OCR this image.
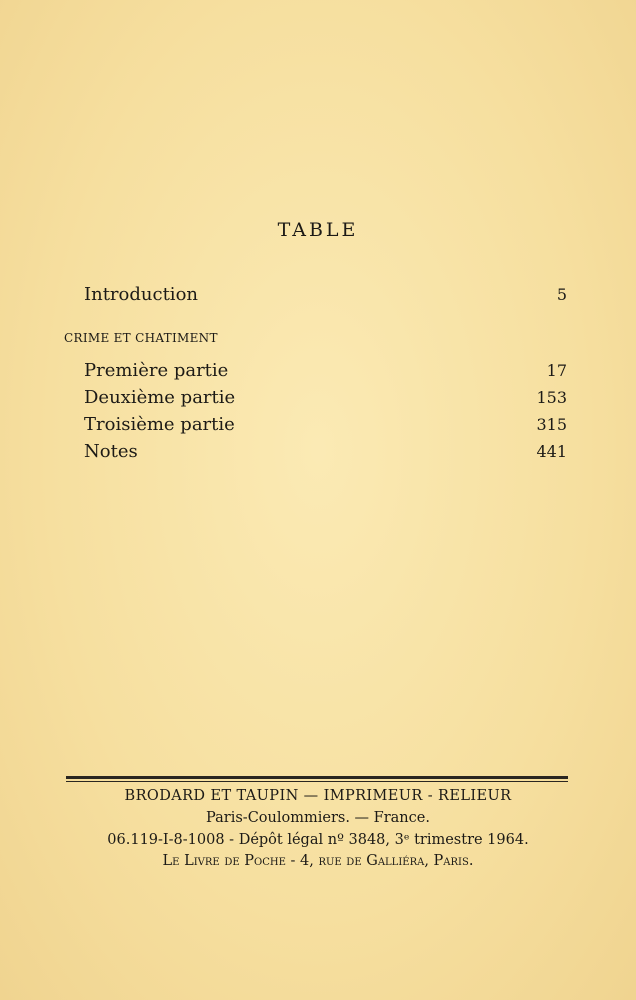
TABLE
Introduction	5
CRIME ET CHATIMENT
Première partie	17
Deuxième partie	153
Troisième partie	315
Notes	441
BRODARD ET TAUPIN — IMPRIMEUR - RELIEUR
Paris-Coulommiers. — France.
06.119-I-8-1008 - Dépôt légal nº 3848, 3ᵉ trimestre 1964.
Le Livre de Poche - 4, rue de Galliéra, Paris.
